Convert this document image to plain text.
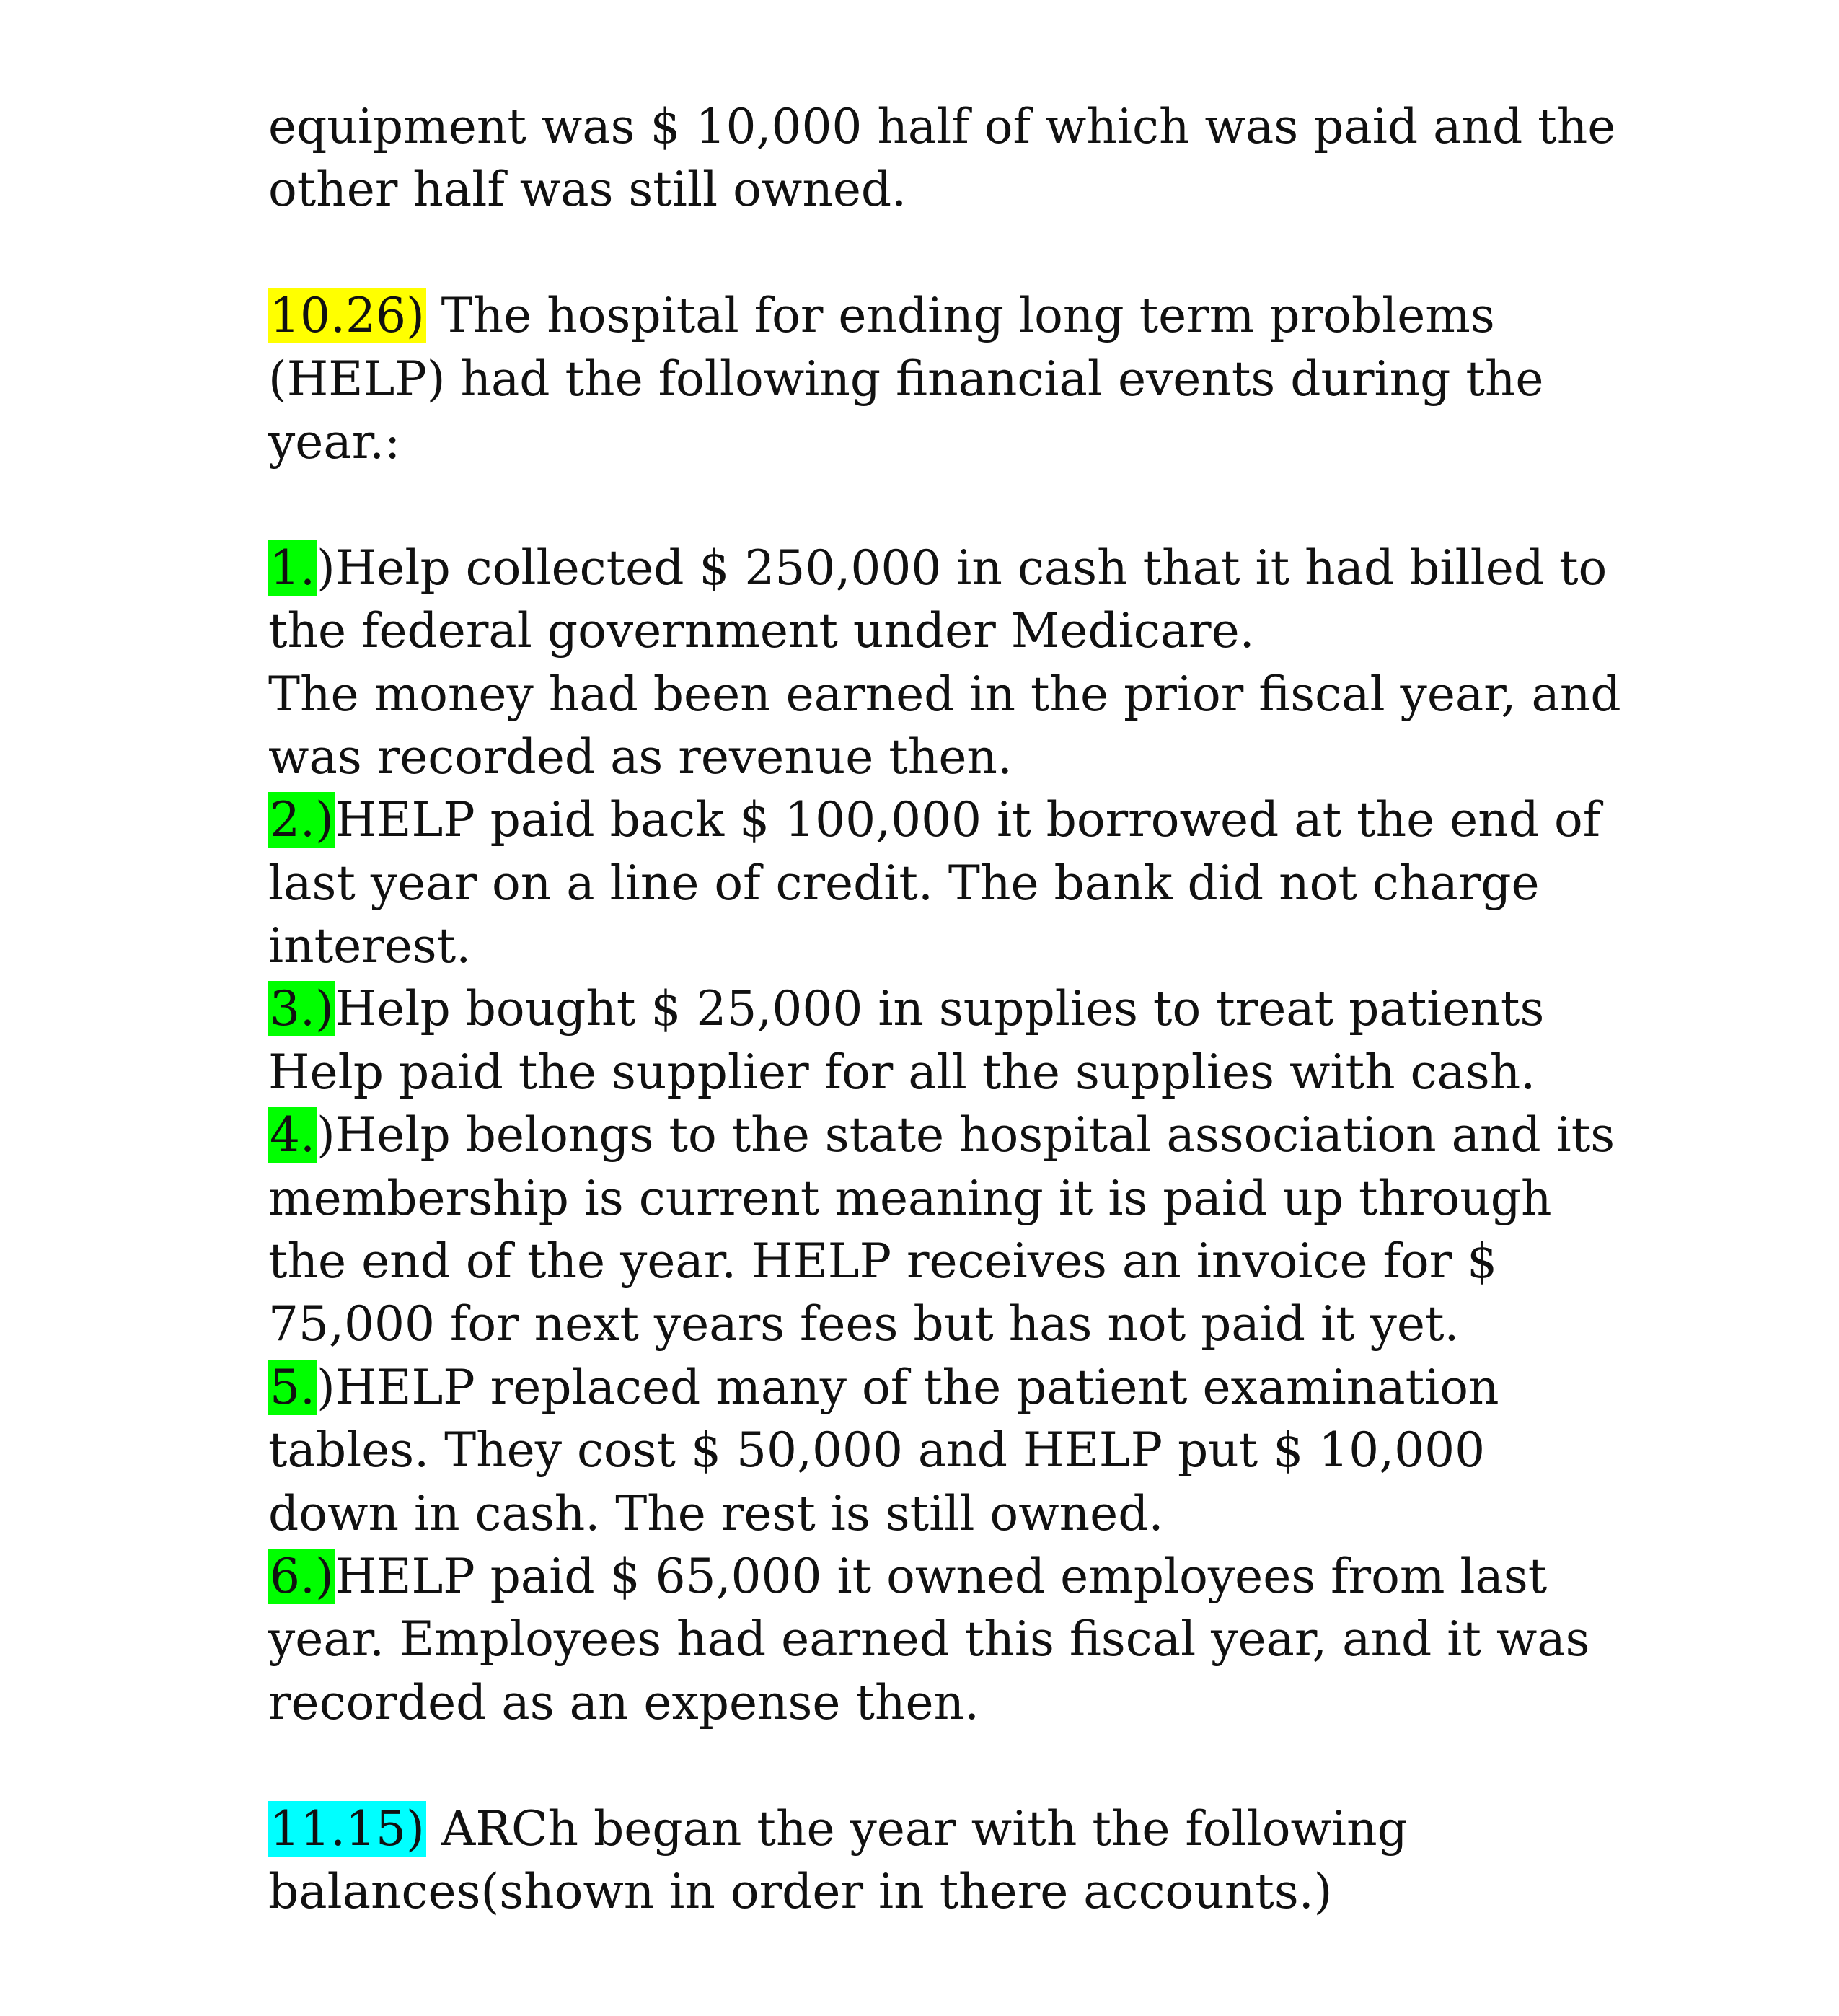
equipment was $ 10,000 half of which was paid and the
other half was still owned.
10.26) The hospital for ending long term problems
(HELP) had the following financial events during the
year.:
1.)Help collected $ 250,000 in cash that it had billed to
the federal government under Medicare.
The money had been earned in the prior fiscal year, and
was recorded as revenue then.
2.)HELP paid back $ 100,000 it borrowed at the end of
last year on a line of credit. The bank did not charge
interest.
3.)Help bought $ 25,000 in supplies to treat patients
Help paid the supplier for all the supplies with cash.
4.)Help belongs to the state hospital association and its
membership is current meaning it is paid up through
the end of the year. HELP receives an invoice for $
75,000 for next years fees but has not paid it yet.
5.)HELP replaced many of the patient examination
tables. They cost $ 50,000 and HELP put $ 10,000
down in cash. The rest is still owned.
6.)HELP paid $ 65,000 it owned employees from last
year. Employees had earned this fiscal year, and it was
recorded as an expense then.
11.15) ARCh began the year with the following
balances(shown in order in there accounts.)
